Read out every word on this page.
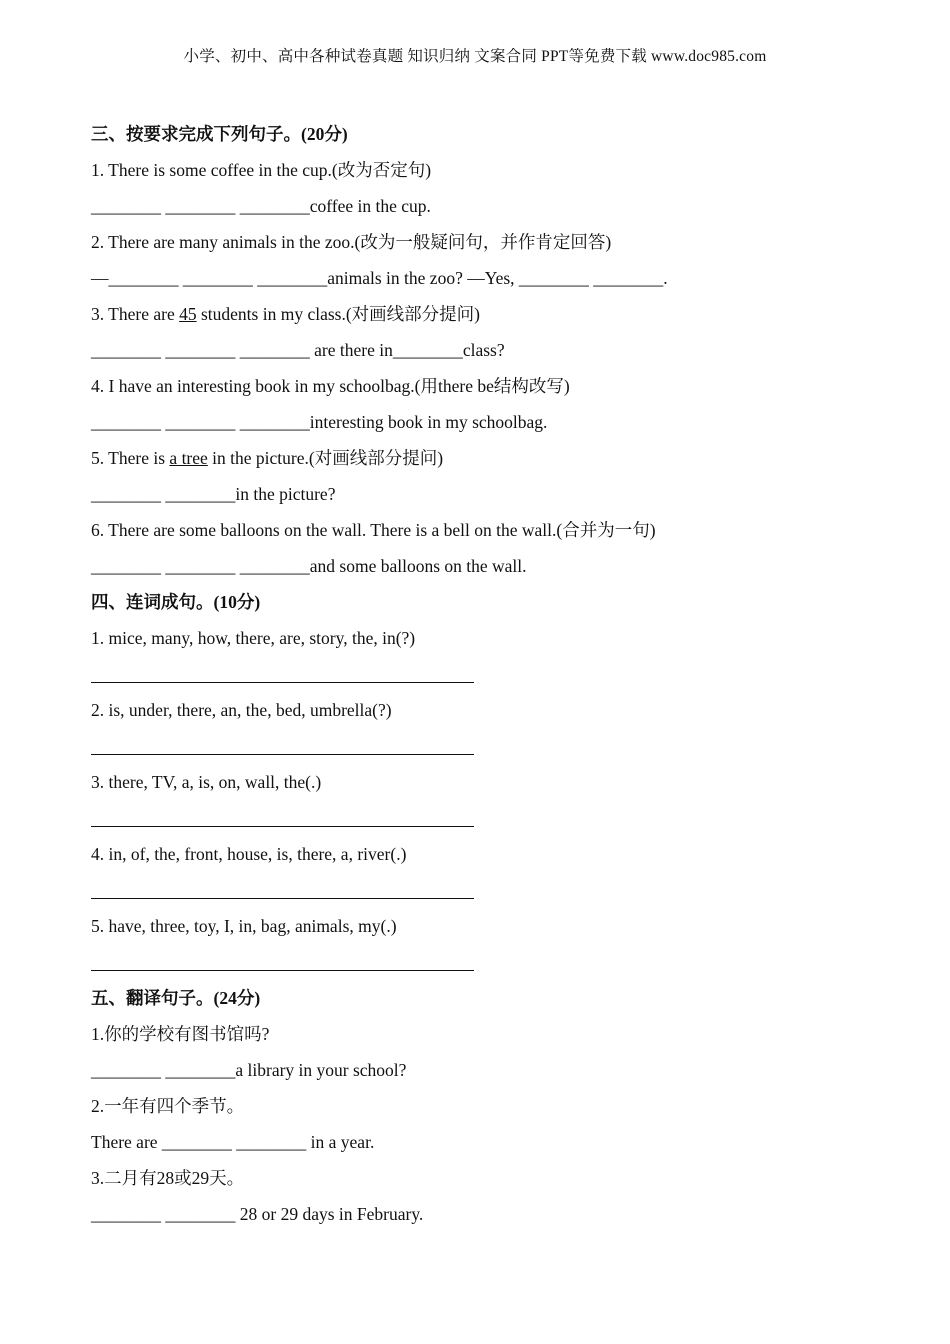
小学、初中、高中各种试卷真题 知识归纳 文案合同 PPT等免费下载 www.doc985.com
三、按要求完成下列句子。(20分)
1. There is some coffee in the cup.(改为否定句)
________ ________ ________coffee in the cup.
2. There are many animals in the zoo.(改为一般疑问句，并作肯定回答)
—________ ________ ________animals in the zoo? —Yes, ________ ________.
3. There are 45 students in my class.(对画线部分提问)
________ ________ ________ are there in________class?
4. I have an interesting book in my schoolbag.(用there be结构改写)
________ ________ ________interesting book in my schoolbag.
5. There is a tree in the picture.(对画线部分提问)
________ ________in the picture?
6. There are some balloons on the wall. There is a bell on the wall.(合并为一句)
________ ________ ________and some balloons on the wall.
四、连词成句。(10分)
1. mice, many, how, there, are, story, the, in(?)
2. is, under, there, an, the, bed, umbrella(?)
3. there, TV, a, is, on, wall, the(.)
4. in, of, the, front, house, is, there, a, river(.)
5. have, three, toy, I, in, bag, animals, my(.)
五、翻译句子。(24分)
1.你的学校有图书馆吗?
________ ________a library in your school?
2.一年有四个季节。
There are ________ ________ in a year.
3.二月有28或29天。
________ ________ 28 or 29 days in February.
